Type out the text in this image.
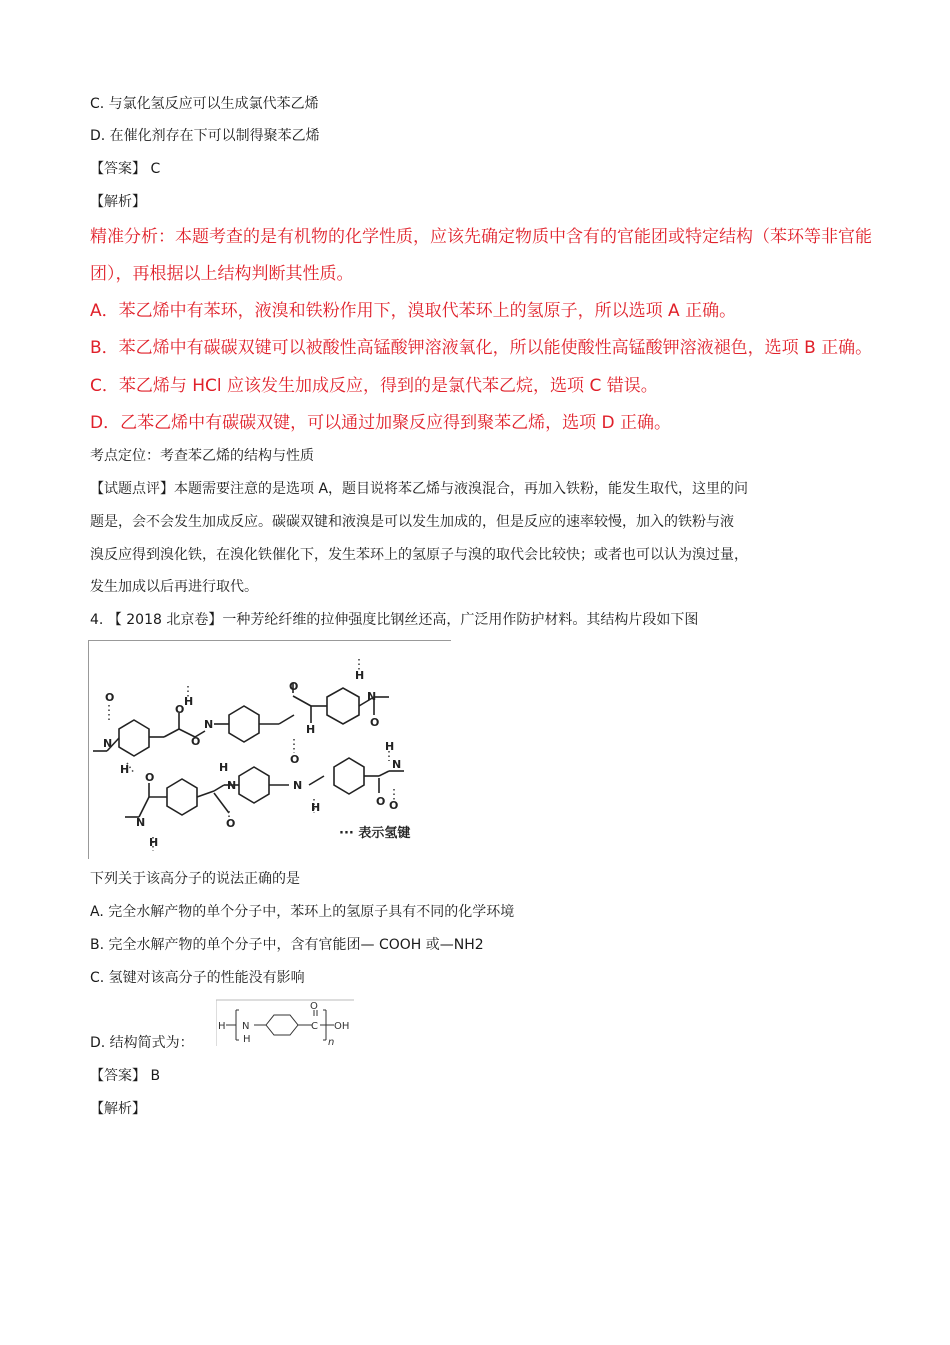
C. 与氯化氢反应可以生成氯代苯乙烯
D. 在催化剂存在下可以制得聚苯乙烯
【答案】 C
【解析】
精准分析：本题考查的是有机物的化学性质，应该先确定物质中含有的官能团或特定结构（苯环等非官能
团），再根据以上结构判断其性质。
A．苯乙烯中有苯环，液溴和铁粉作用下，溴取代苯环上的氢原子，所以选项 A 正确。
B．苯乙烯中有碳碳双键可以被酸性高锰酸钾溶液氧化，所以能使酸性高锰酸钾溶液褪色，选项 B 正确。
C．苯乙烯与 HCl 应该发生加成反应，得到的是氯代苯乙烷，选项 C 错误。
D．乙苯乙烯中有碳碳双键，可以通过加聚反应得到聚苯乙烯，选项 D 正确。
考点定位：考查苯乙烯的结构与性质
【试题点评】本题需要注意的是选项 A，题目说将苯乙烯与液溴混合，再加入铁粉，能发生取代，这里的问
题是，会不会发生加成反应。碳碳双键和液溴是可以发生加成的，但是反应的速率较慢，加入的铁粉与液
溴反应得到溴化铁，在溴化铁催化下，发生苯环上的氢原子与溴的取代会比较快；或者也可以认为溴过量，
发生加成以后再进行取代。
4. 【 2018 北京卷】一种芳纶纤维的拉伸强度比钢丝还高，广泛用作防护材料。其结构片段如下图
H
N
O
O
H
H
N
O
O
O
N
H
O
H
N
H
N	N
H	O O
O
N	O
H
··· 表示氢键
下列关于该高分子的说法正确的是
A. 完全水解产物的单个分子中，苯环上的氢原子具有不同的化学环境
B. 完全水解产物的单个分子中，含有官能团— COOH 或—NH2
C. 氢键对该高分子的性能没有影响
D. 结构简式为：
H N
H
C
O
OH
n
【答案】 B
【解析】
